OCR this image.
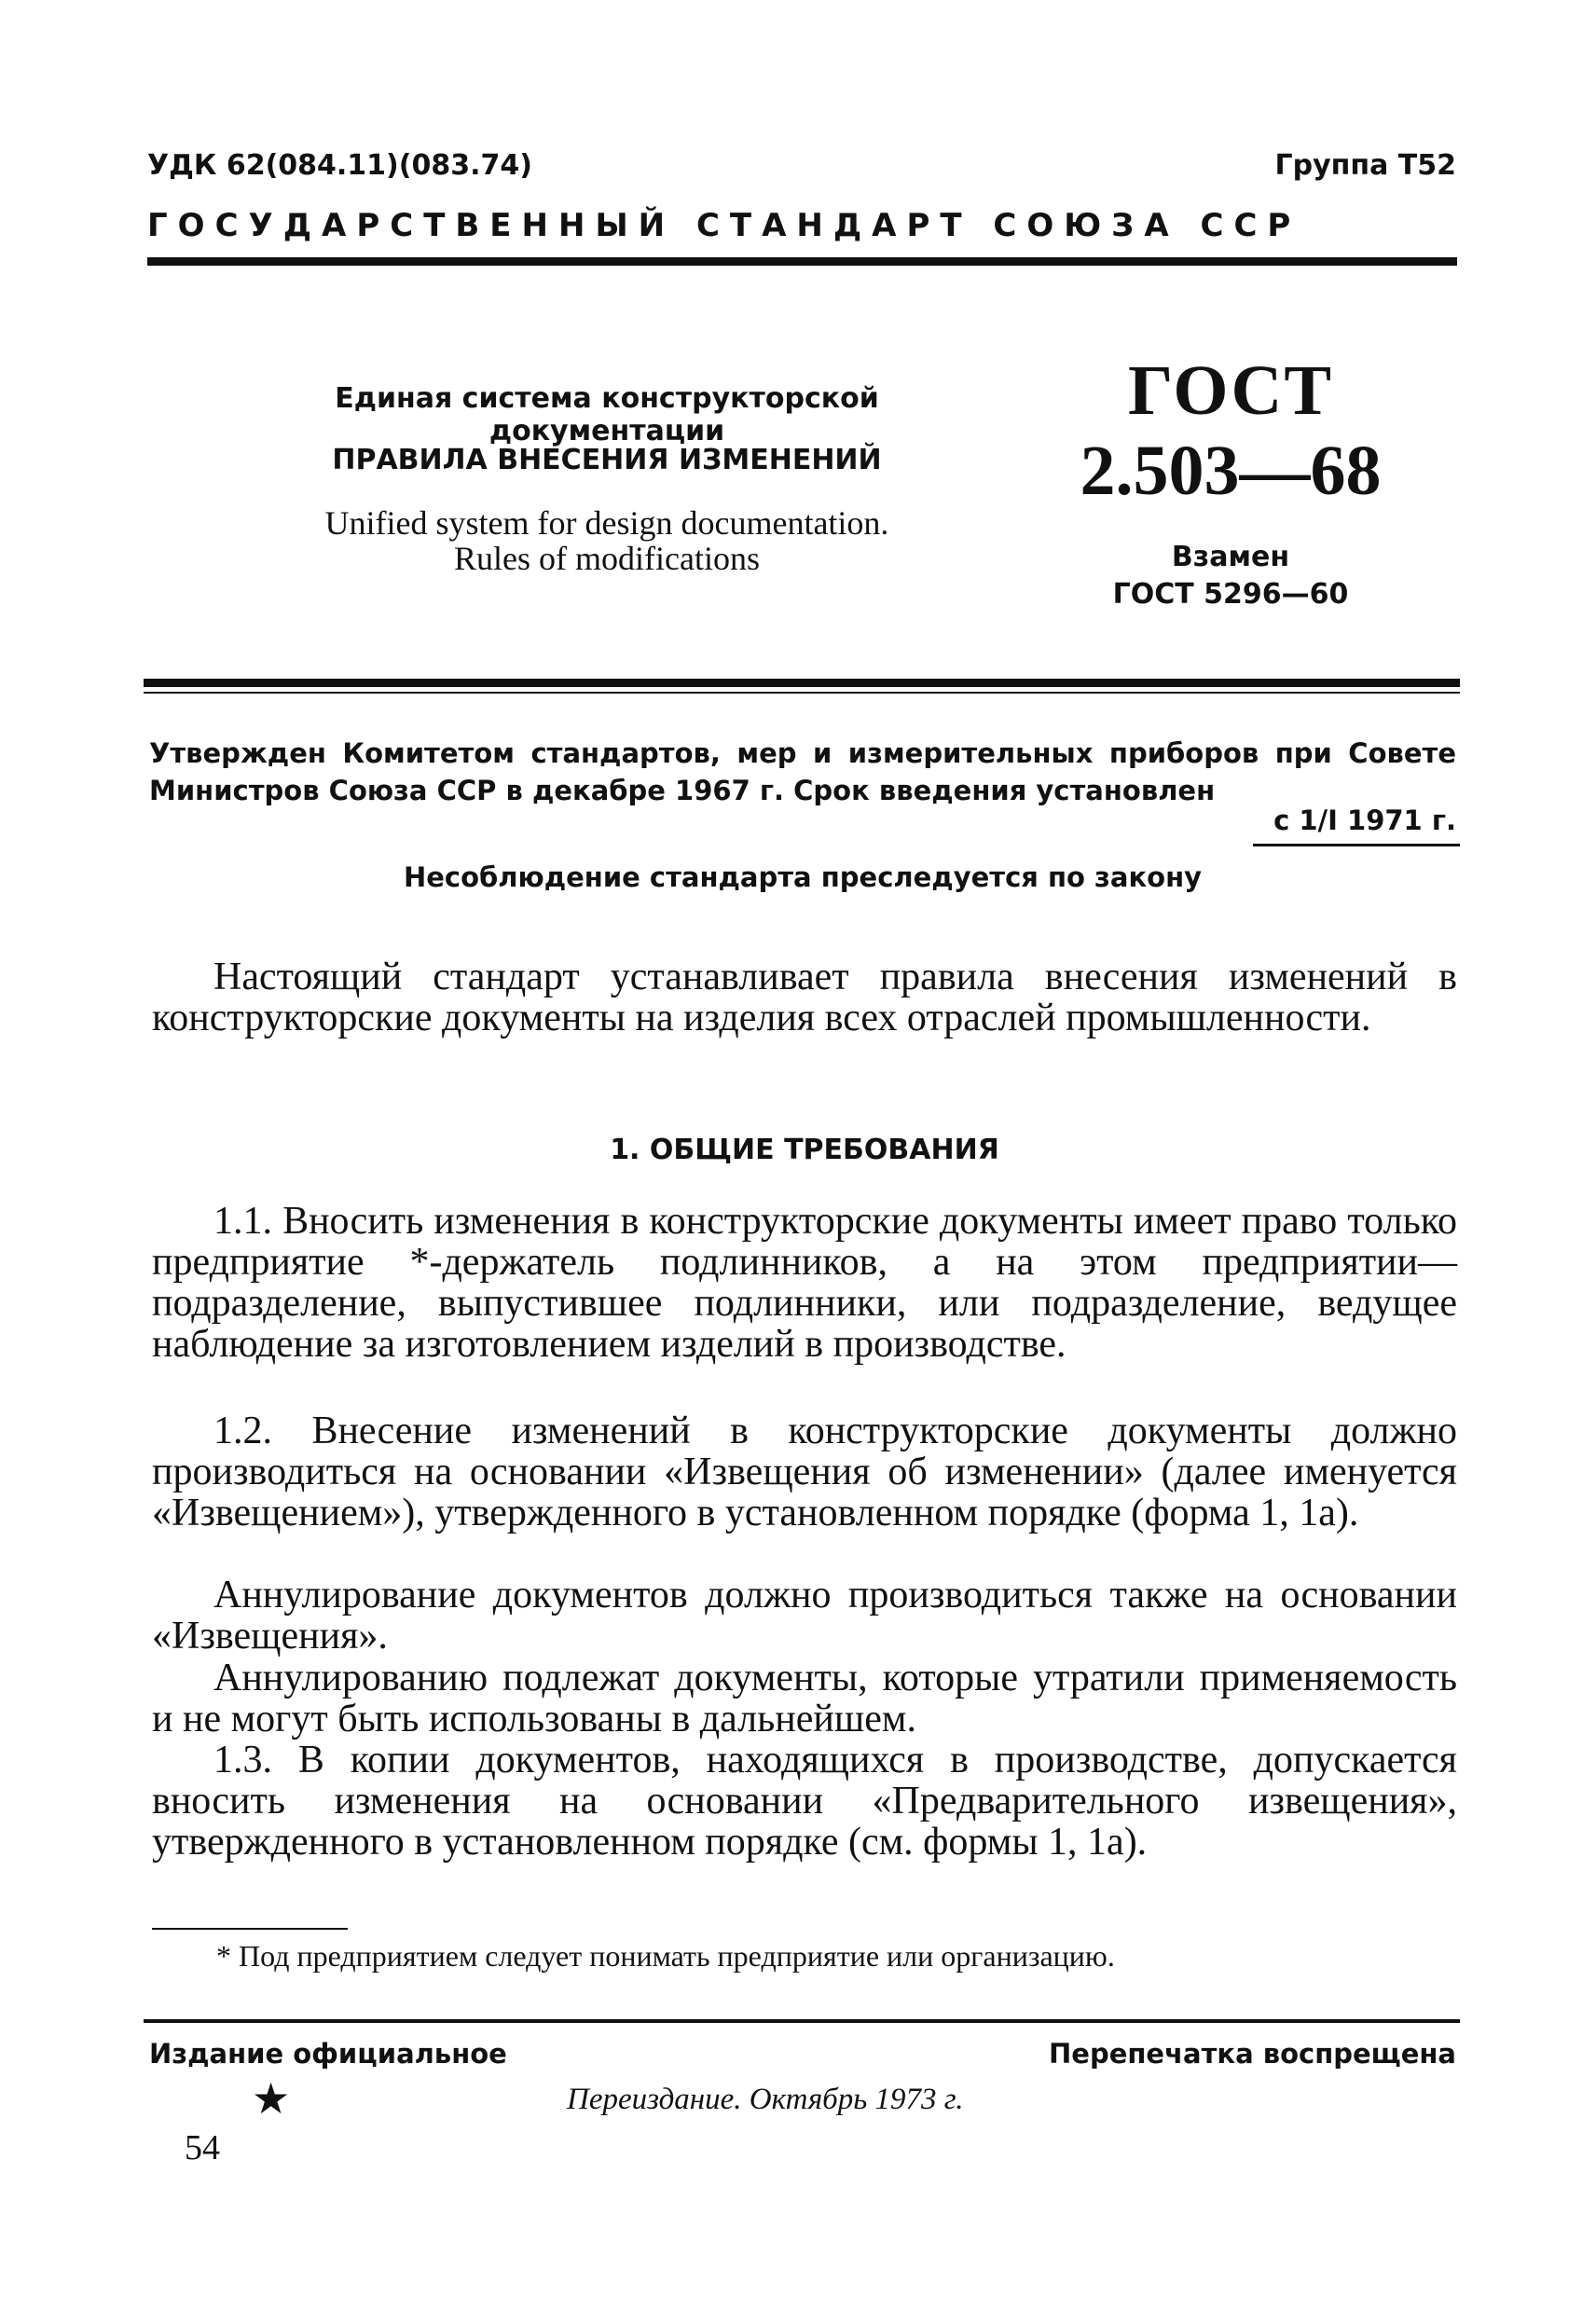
УДК 62(084.11)(083.74)	Группа Т52
ГОСУДАРСТВЕННЫЙ СТАНДАРТ СОЮЗА ССР
Единая система конструкторской документации
ПРАВИЛА ВНЕСЕНИЯ ИЗМЕНЕНИЙ
Unified system for design documentation.
Rules of modifications
ГОСТ
2.503—68
Взамен
ГОСТ 5296—60
Утвержден Комитетом стандартов, мер и измерительных приборов при Совете Министров Союза ССР в декабре 1967 г. Срок введения установлен
с 1/I 1971 г.
Несоблюдение стандарта преследуется по закону
Настоящий стандарт устанавливает правила внесения изменений в конструкторские документы на изделия всех отраслей промышленности.
1. ОБЩИЕ ТРЕБОВАНИЯ
1.1. Вносить изменения в конструкторские документы имеет право только предприятие *-держатель подлинников, а на этом предприятии—подразделение, выпустившее подлинники, или подразделение, ведущее наблюдение за изготовлением изделий в производстве.
1.2. Внесение изменений в конструкторские документы должно производиться на основании «Извещения об изменении» (далее именуется «Извещением»), утвержденного в установленном порядке (форма 1, 1а).
Аннулирование документов должно производиться также на основании «Извещения».
Аннулированию подлежат документы, которые утратили применяемость и не могут быть использованы в дальнейшем.
1.3. В копии документов, находящихся в производстве, допускается вносить изменения на основании «Предварительного извещения», утвержденного в установленном порядке (см. формы 1, 1а).
* Под предприятием следует понимать предприятие или организацию.
Издание официальное	Перепечатка воспрещена
★	Переиздание. Октябрь 1973 г.
54
